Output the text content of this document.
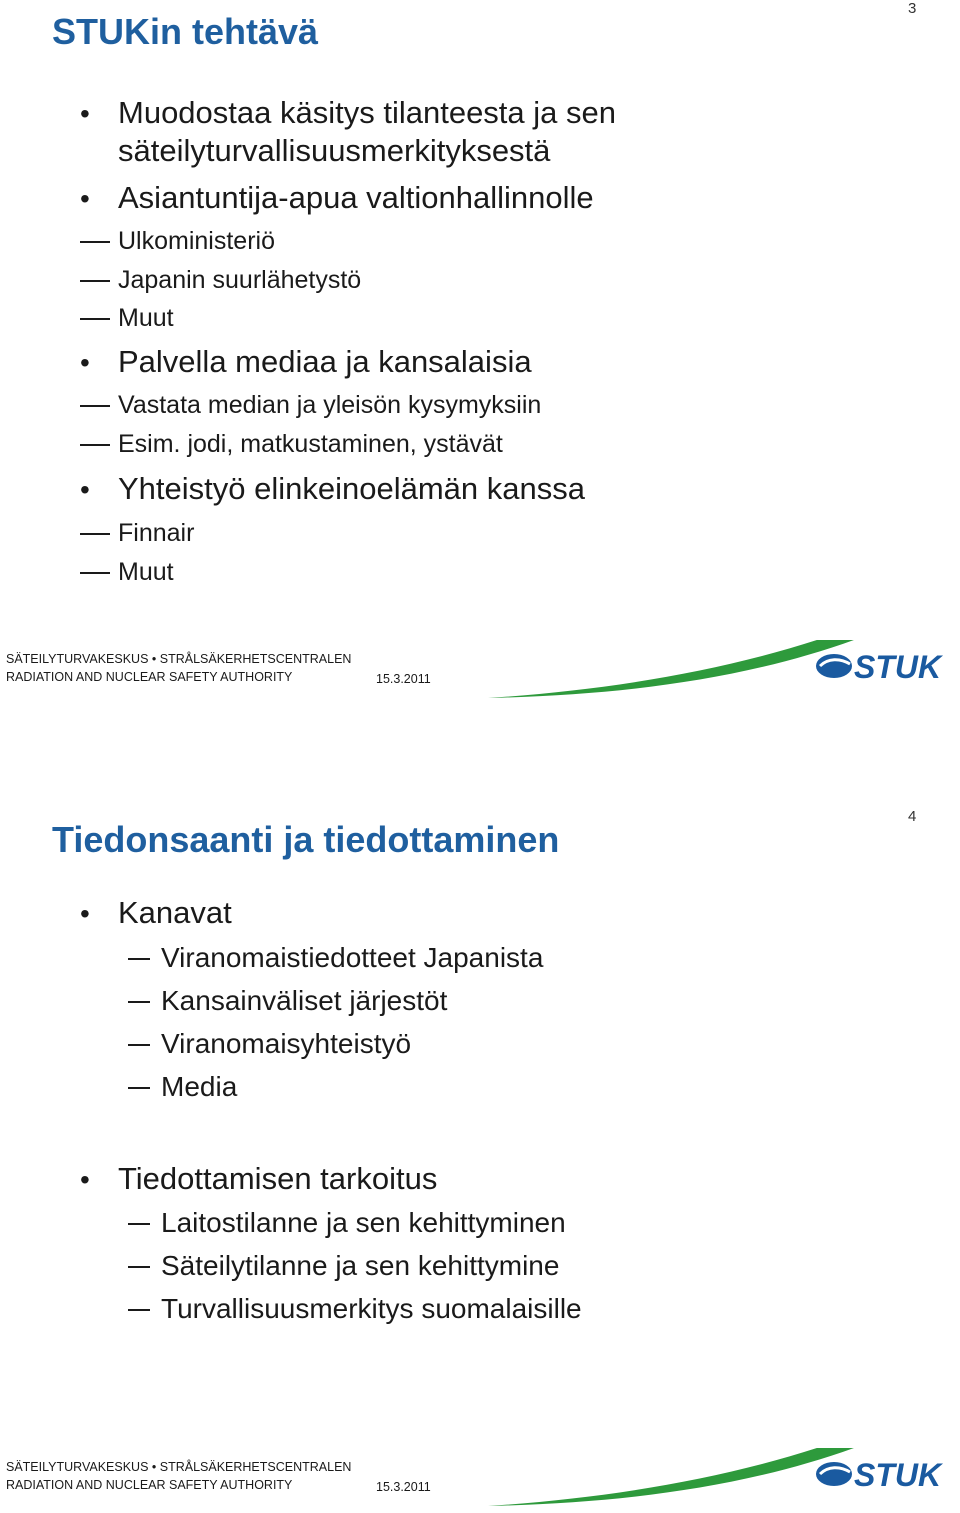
3
STUKin tehtävä
•
Muodostaa käsitys tilanteesta ja sen
säteilyturvallisuusmerkityksestä
•
Asiantuntija-apua valtionhallinnolle
Ulkoministeriö
Japanin suurlähetystö
Muut
•
Palvella mediaa ja kansalaisia
Vastata median ja yleisön kysymyksiin
Esim. jodi, matkustaminen, ystävät
•
Yhteistyö elinkeinoelämän kanssa
Finnair
Muut
SÄTEILYTURVAKESKUS • STRÅLSÄKERHETSCENTRALEN
RADIATION AND NUCLEAR SAFETY AUTHORITY	15.3.2011	STUK
4
Tiedonsaanti ja tiedottaminen
•
Kanavat
Viranomaistiedotteet Japanista
Kansainväliset järjestöt
Viranomaisyhteistyö
Media
•
Tiedottamisen tarkoitus
Laitostilanne ja sen kehittyminen
Säteilytilanne ja sen kehittymine
Turvallisuusmerkitys suomalaisille
SÄTEILYTURVAKESKUS • STRÅLSÄKERHETSCENTRALEN
RADIATION AND NUCLEAR SAFETY AUTHORITY	15.3.2011	STUK
